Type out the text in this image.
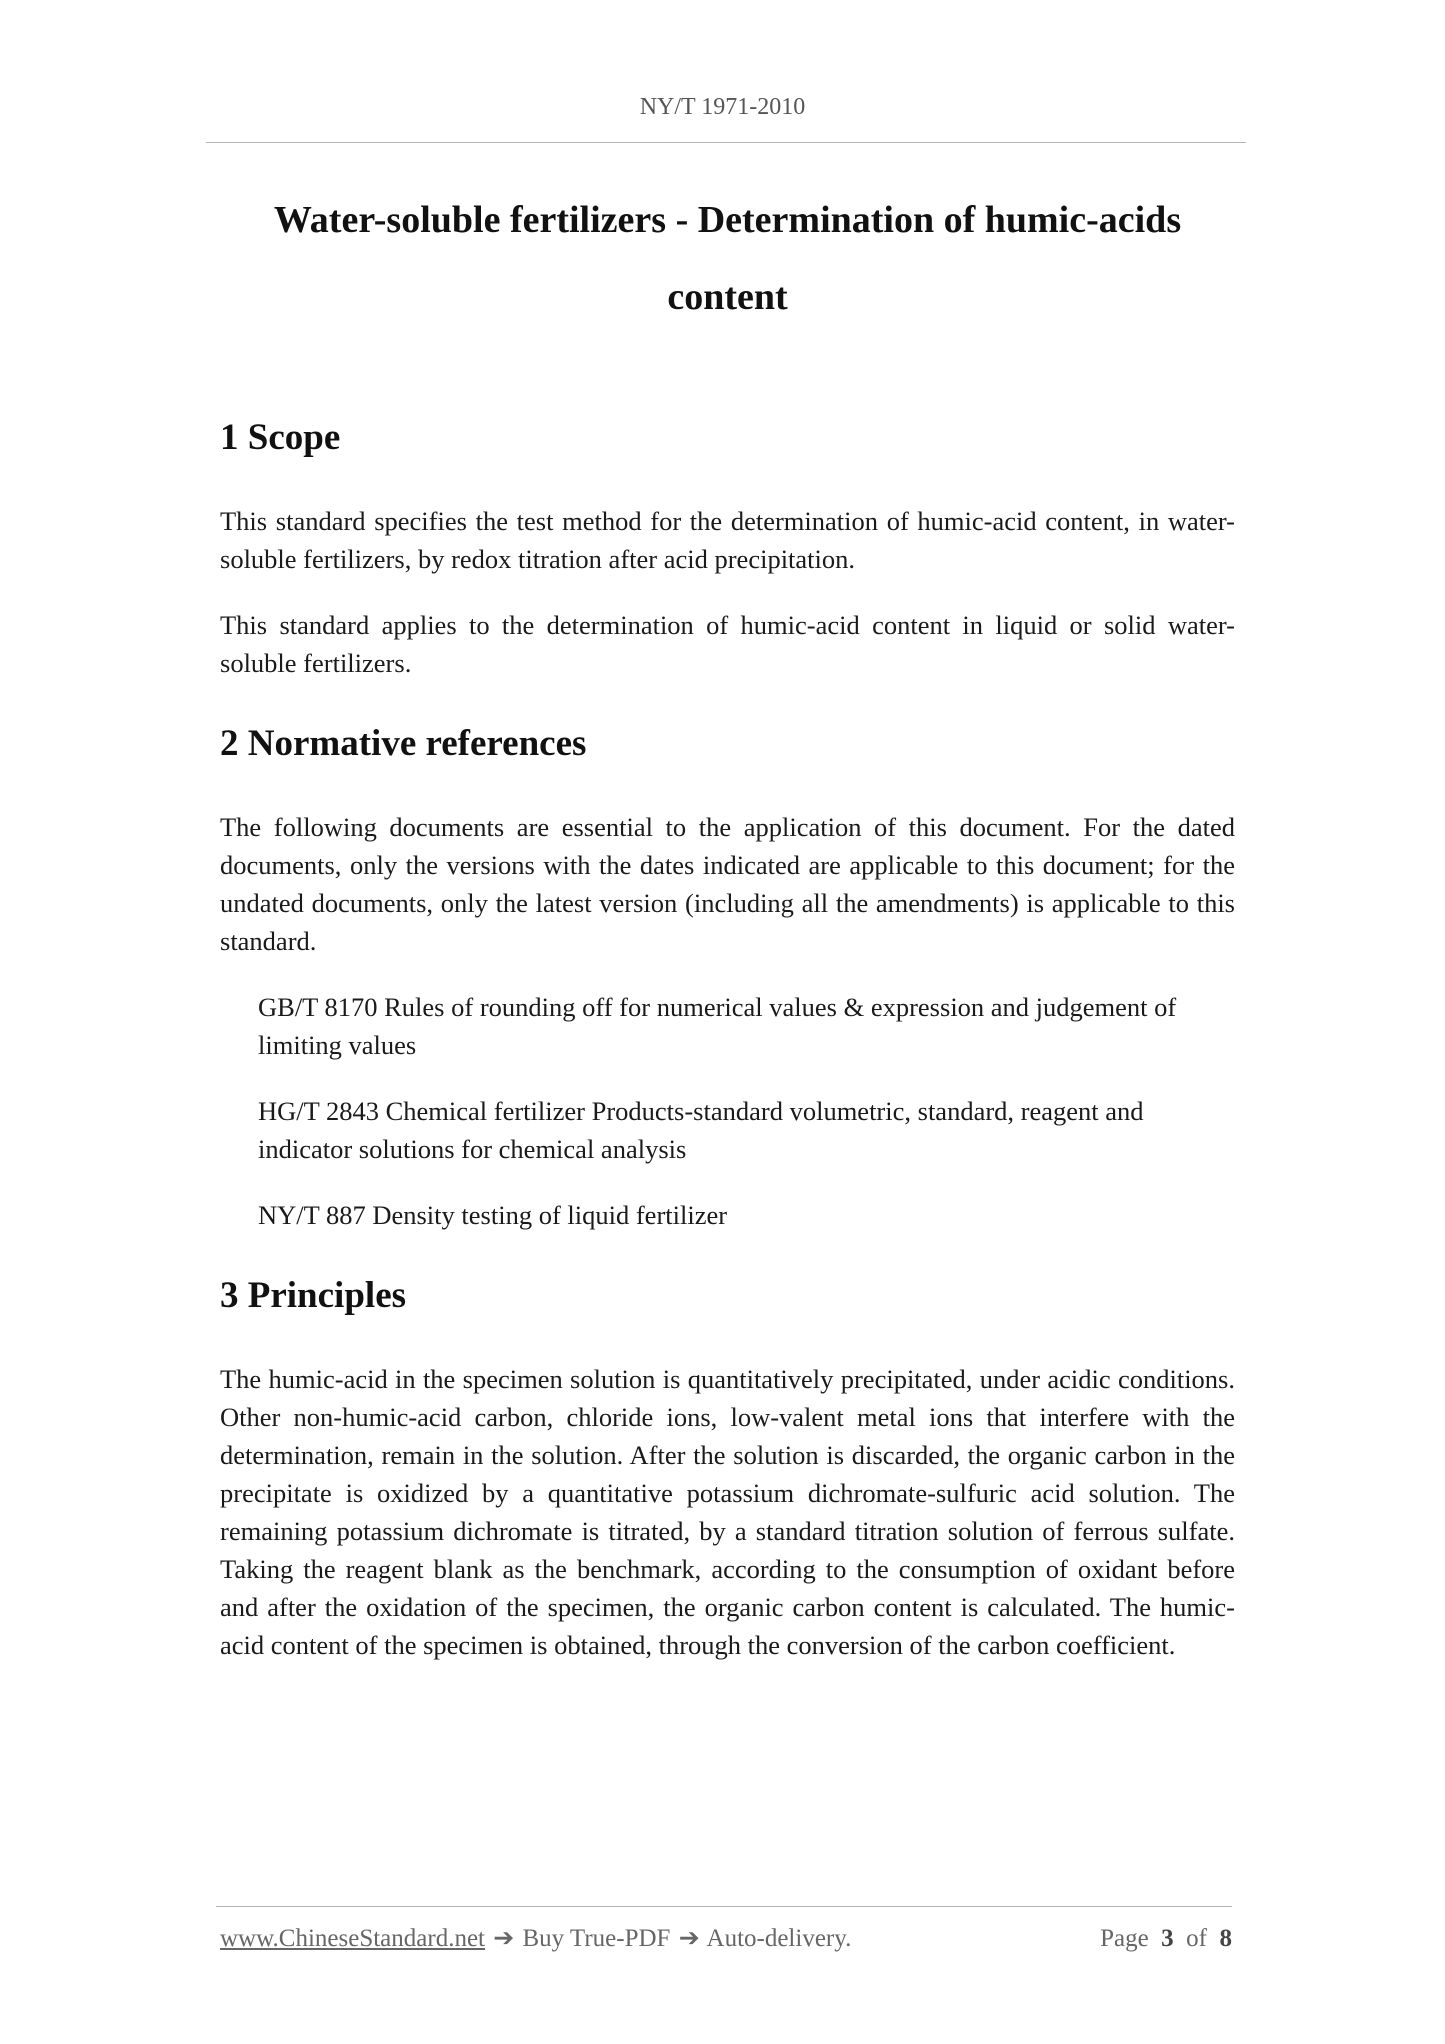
NY/T 1971-2010
Water-soluble fertilizers - Determination of humic-acids
content
1 Scope

This standard specifies the test method for the determination of humic-acid content, in water-soluble fertilizers, by redox titration after acid precipitation.

This standard applies to the determination of humic-acid content in liquid or solid water-soluble fertilizers.

2 Normative references

The following documents are essential to the application of this document. For the dated documents, only the versions with the dates indicated are applicable to this document; for the undated documents, only the latest version (including all the amendments) is applicable to this standard.

GB/T 8170 Rules of rounding off for numerical values & expression and judgement of limiting values
HG/T 2843 Chemical fertilizer Products-standard volumetric, standard, reagent and indicator solutions for chemical analysis
NY/T 887 Density testing of liquid fertilizer
3 Principles

The humic-acid in the specimen solution is quantitatively precipitated, under acidic conditions. Other non-humic-acid carbon, chloride ions, low-valent metal ions that interfere with the determination, remain in the solution. After the solution is discarded, the organic carbon in the precipitate is oxidized by a quantitative potassium dichromate-sulfuric acid solution. The remaining potassium dichromate is titrated, by a standard titration solution of ferrous sulfate. Taking the reagent blank as the benchmark, according to the consumption of oxidant before and after the oxidation of the specimen, the organic carbon content is calculated. The humic-acid content of the specimen is obtained, through the conversion of the carbon coefficient.

www.ChineseStandard.net ➔ Buy True-PDF ➔ Auto-delivery.	Page 3 of 8
